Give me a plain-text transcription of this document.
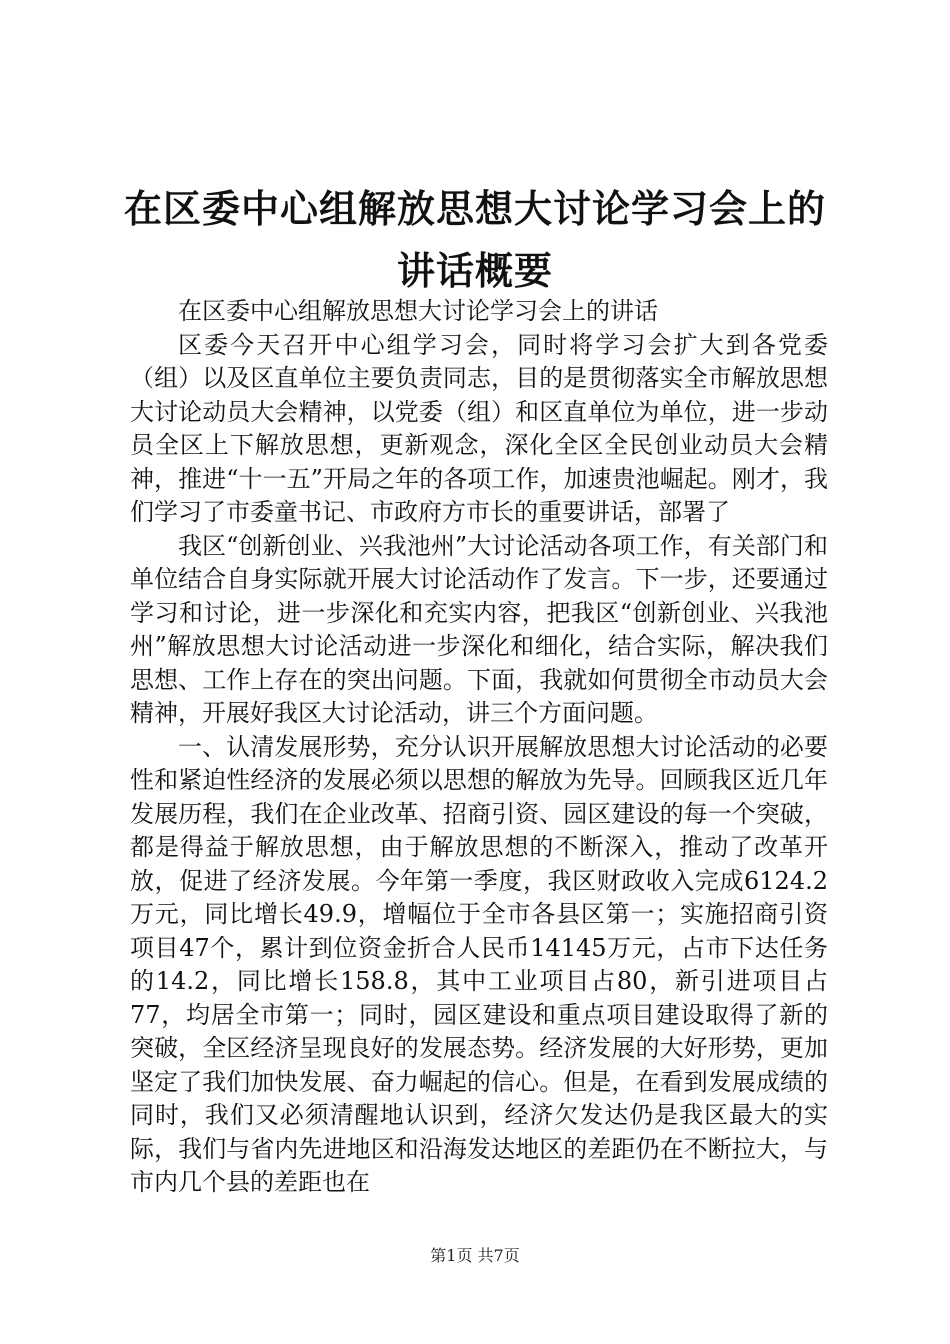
在区委中心组解放思想大讨论学习会上的讲话概要

在区委中心组解放思想大讨论学习会上的讲话

区委今天召开中心组学习会，同时将学习会扩大到各党委（组）以及区直单位主要负责同志，目的是贯彻落实全市解放思想大讨论动员大会精神，以党委（组）和区直单位为单位，进一步动员全区上下解放思想，更新观念，深化全区全民创业动员大会精神，推进“十一五”开局之年的各项工作，加速贵池崛起。刚才，我们学习了市委童书记、市政府方市长的重要讲话，部署了

我区“创新创业、兴我池州”大讨论活动各项工作，有关部门和单位结合自身实际就开展大讨论活动作了发言。下一步，还要通过学习和讨论，进一步深化和充实内容，把我区“创新创业、兴我池州”解放思想大讨论活动进一步深化和细化，结合实际，解决我们思想、工作上存在的突出问题。下面，我就如何贯彻全市动员大会精神，开展好我区大讨论活动，讲三个方面问题。

一、认清发展形势，充分认识开展解放思想大讨论活动的必要性和紧迫性经济的发展必须以思想的解放为先导。回顾我区近几年发展历程，我们在企业改革、招商引资、园区建设的每一个突破，都是得益于解放思想，由于解放思想的不断深入，推动了改革开放，促进了经济发展。今年第一季度，我区财政收入完成6124.2万元，同比增长49.9，增幅位于全市各县区第一；实施招商引资项目47个，累计到位资金折合人民币14145万元，占市下达任务的14.2，同比增长158.8，其中工业项目占80，新引进项目占77，均居全市第一；同时，园区建设和重点项目建设取得了新的突破，全区经济呈现良好的发展态势。经济发展的大好形势，更加坚定了我们加快发展、奋力崛起的信心。但是，在看到发展成绩的同时，我们又必须清醒地认识到，经济欠发达仍是我区最大的实际，我们与省内先进地区和沿海发达地区的差距仍在不断拉大，与市内几个县的差距也在

第1页 共7页
